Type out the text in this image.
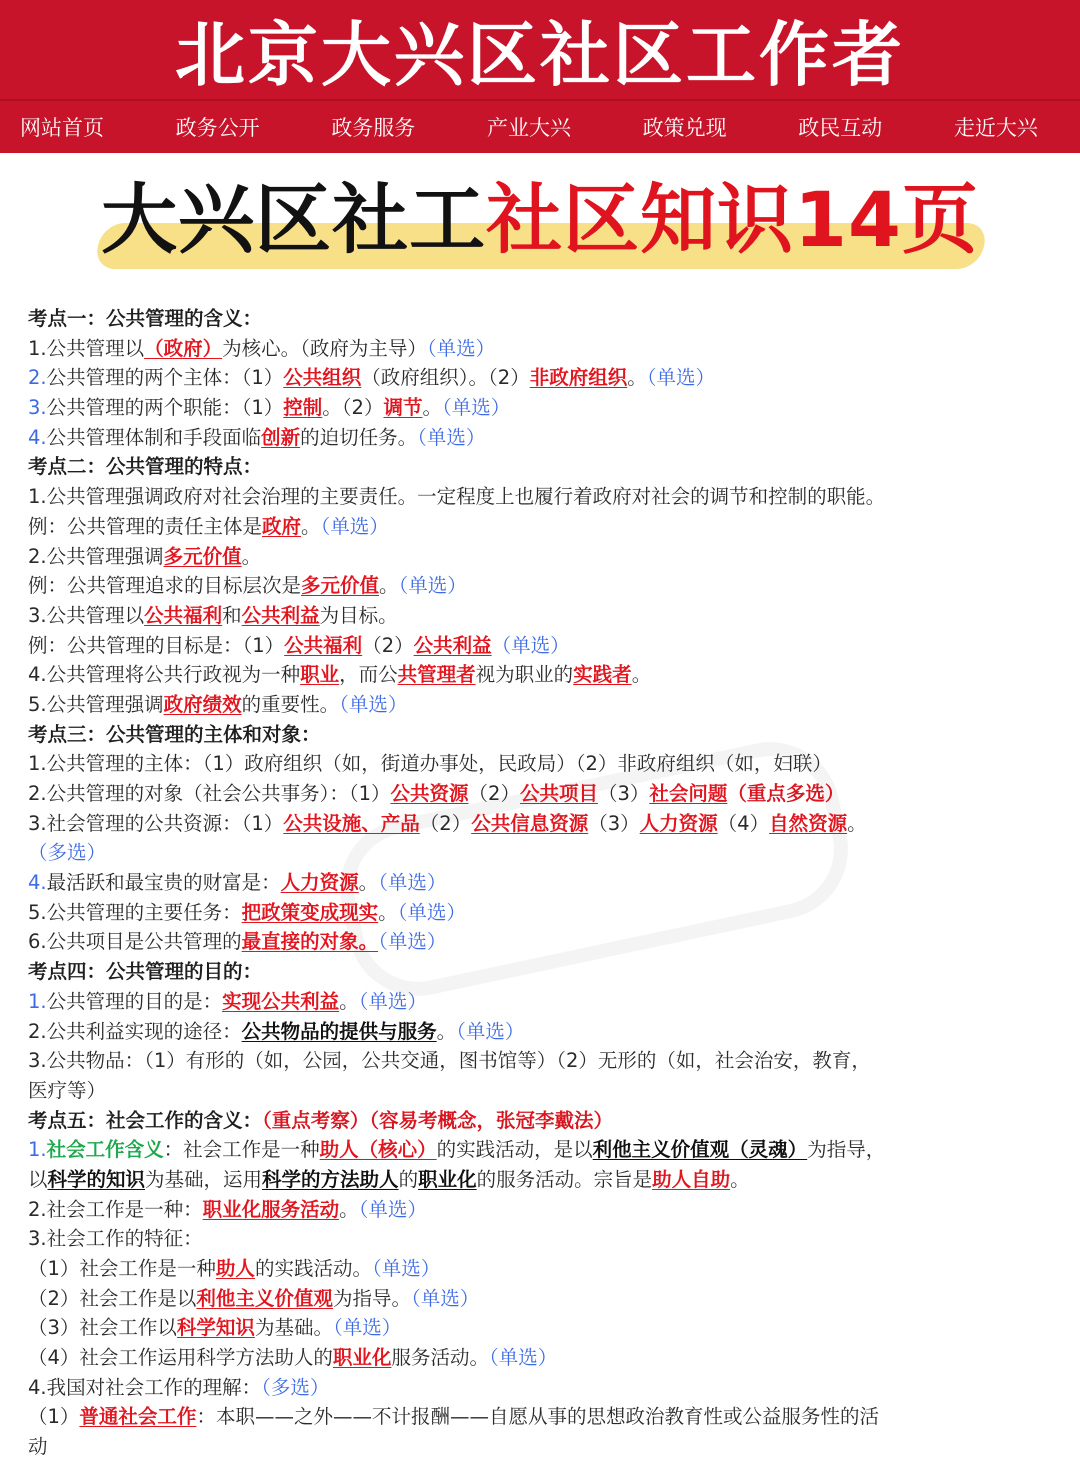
北京大兴区社区工作者
网站首页	政务公开	政务服务	产业大兴	政策兑现	政民互动	走近大兴
大兴区社工社区知识14页
考点一：公共管理的含义：
1.公共管理以（政府）为核心。（政府为主导）（单选）
2.公共管理的两个主体：（1）公共组织（政府组织）。（2）非政府组织。（单选）
3.公共管理的两个职能：（1）控制。（2）调节。（单选）
4.公共管理体制和手段面临创新的迫切任务。（单选）
考点二：公共管理的特点：
1.公共管理强调政府对社会治理的主要责任。一定程度上也履行着政府对社会的调节和控制的职能。
例：公共管理的责任主体是政府。（单选）
2.公共管理强调多元价值。
例：公共管理追求的目标层次是多元价值。（单选）
3.公共管理以公共福利和公共利益为目标。
例：公共管理的目标是：（1）公共福利（2）公共利益（单选）
4.公共管理将公共行政视为一种职业，而公共管理者视为职业的实践者。
5.公共管理强调政府绩效的重要性。（单选）
考点三：公共管理的主体和对象：
1.公共管理的主体：（1）政府组织（如，街道办事处，民政局）（2）非政府组织（如，妇联）
2.公共管理的对象（社会公共事务）：（1）公共资源（2）公共项目（3）社会问题（重点多选）
3.社会管理的公共资源：（1）公共设施、产品（2）公共信息资源（3）人力资源（4）自然资源。
（多选）
4.最活跃和最宝贵的财富是：人力资源。（单选）
5.公共管理的主要任务：把政策变成现实。（单选）
6.公共项目是公共管理的最直接的对象。（单选）
考点四：公共管理的目的：
1.公共管理的目的是：实现公共利益。（单选）
2.公共利益实现的途径：公共物品的提供与服务。（单选）
3.公共物品：（1）有形的（如，公园，公共交通，图书馆等）（2）无形的（如，社会治安，教育，
医疗等）
考点五：社会工作的含义：（重点考察）（容易考概念，张冠李戴法）
1.社会工作含义：社会工作是一种助人（核心）的实践活动，是以利他主义价值观（灵魂）为指导，
以科学的知识为基础，运用科学的方法助人的职业化的服务活动。宗旨是助人自助。
2.社会工作是一种：职业化服务活动。（单选）
3.社会工作的特征：
（1）社会工作是一种助人的实践活动。（单选）
（2）社会工作是以利他主义价值观为指导。（单选）
（3）社会工作以科学知识为基础。（单选）
（4）社会工作运用科学方法助人的职业化服务活动。（单选）
4.我国对社会工作的理解：（多选）
（1）普通社会工作：本职——之外——不计报酬——自愿从事的思想政治教育性或公益服务性的活
动
